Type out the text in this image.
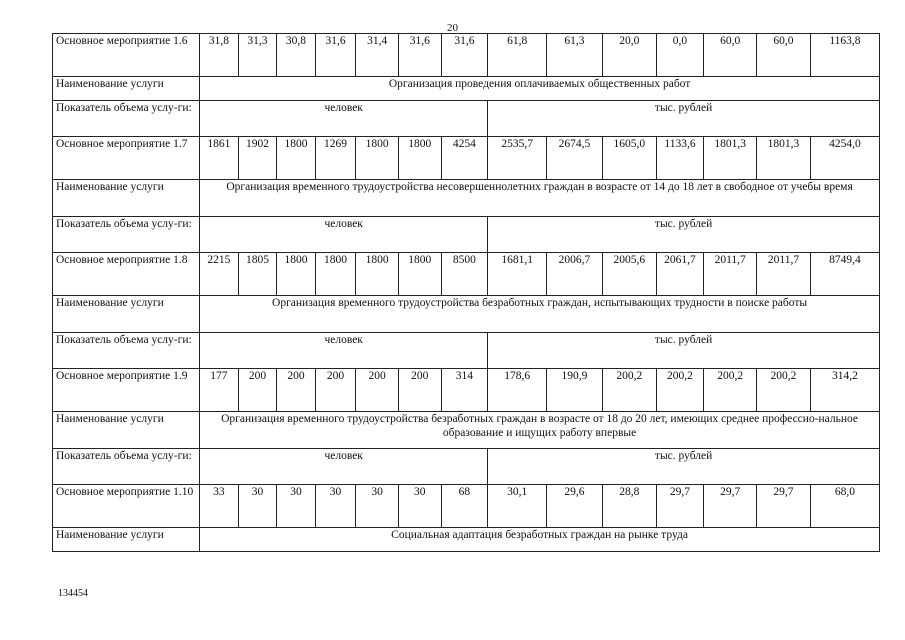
20
Основное мероприятие 1.6	31,8	31,3	30,8	31,6	31,4	31,6	31,6	61,8	61,3	20,0	0,0	60,0	60,0	1163,8
Наименование услуги	Организация проведения оплачиваемых общественных работ													
Показатель объема услу-ги:	человек							тыс. рублей						
Основное мероприятие 1.7	1861	1902	1800	1269	1800	1800	4254	2535,7	2674,5	1605,0	1133,6	1801,3	1801,3	4254,0
Наименование услуги	Организация временного трудоустройства несовершеннолетних граждан в возрасте от 14 до 18 лет в свободное от учебы время													
Показатель объема услу-ги:	человек							тыс. рублей						
Основное мероприятие 1.8	2215	1805	1800	1800	1800	1800	8500	1681,1	2006,7	2005,6	2061,7	2011,7	2011,7	8749,4
Наименование услуги	Организация временного трудоустройства безработных граждан, испытывающих трудности в поиске работы													
Показатель объема услу-ги:	человек							тыс. рублей						
Основное мероприятие 1.9	177	200	200	200	200	200	314	178,6	190,9	200,2	200,2	200,2	200,2	314,2
Наименование услуги	Организация временного трудоустройства безработных граждан в возрасте от 18 до 20 лет, имеющих среднее профессио-нальное образование и ищущих работу впервые													
Показатель объема услу-ги:	человек							тыс. рублей						
Основное мероприятие 1.10	33	30	30	30	30	30	68	30,1	29,6	28,8	29,7	29,7	29,7	68,0
Наименование услуги	Социальная адаптация безработных граждан на рынке труда													
134454
